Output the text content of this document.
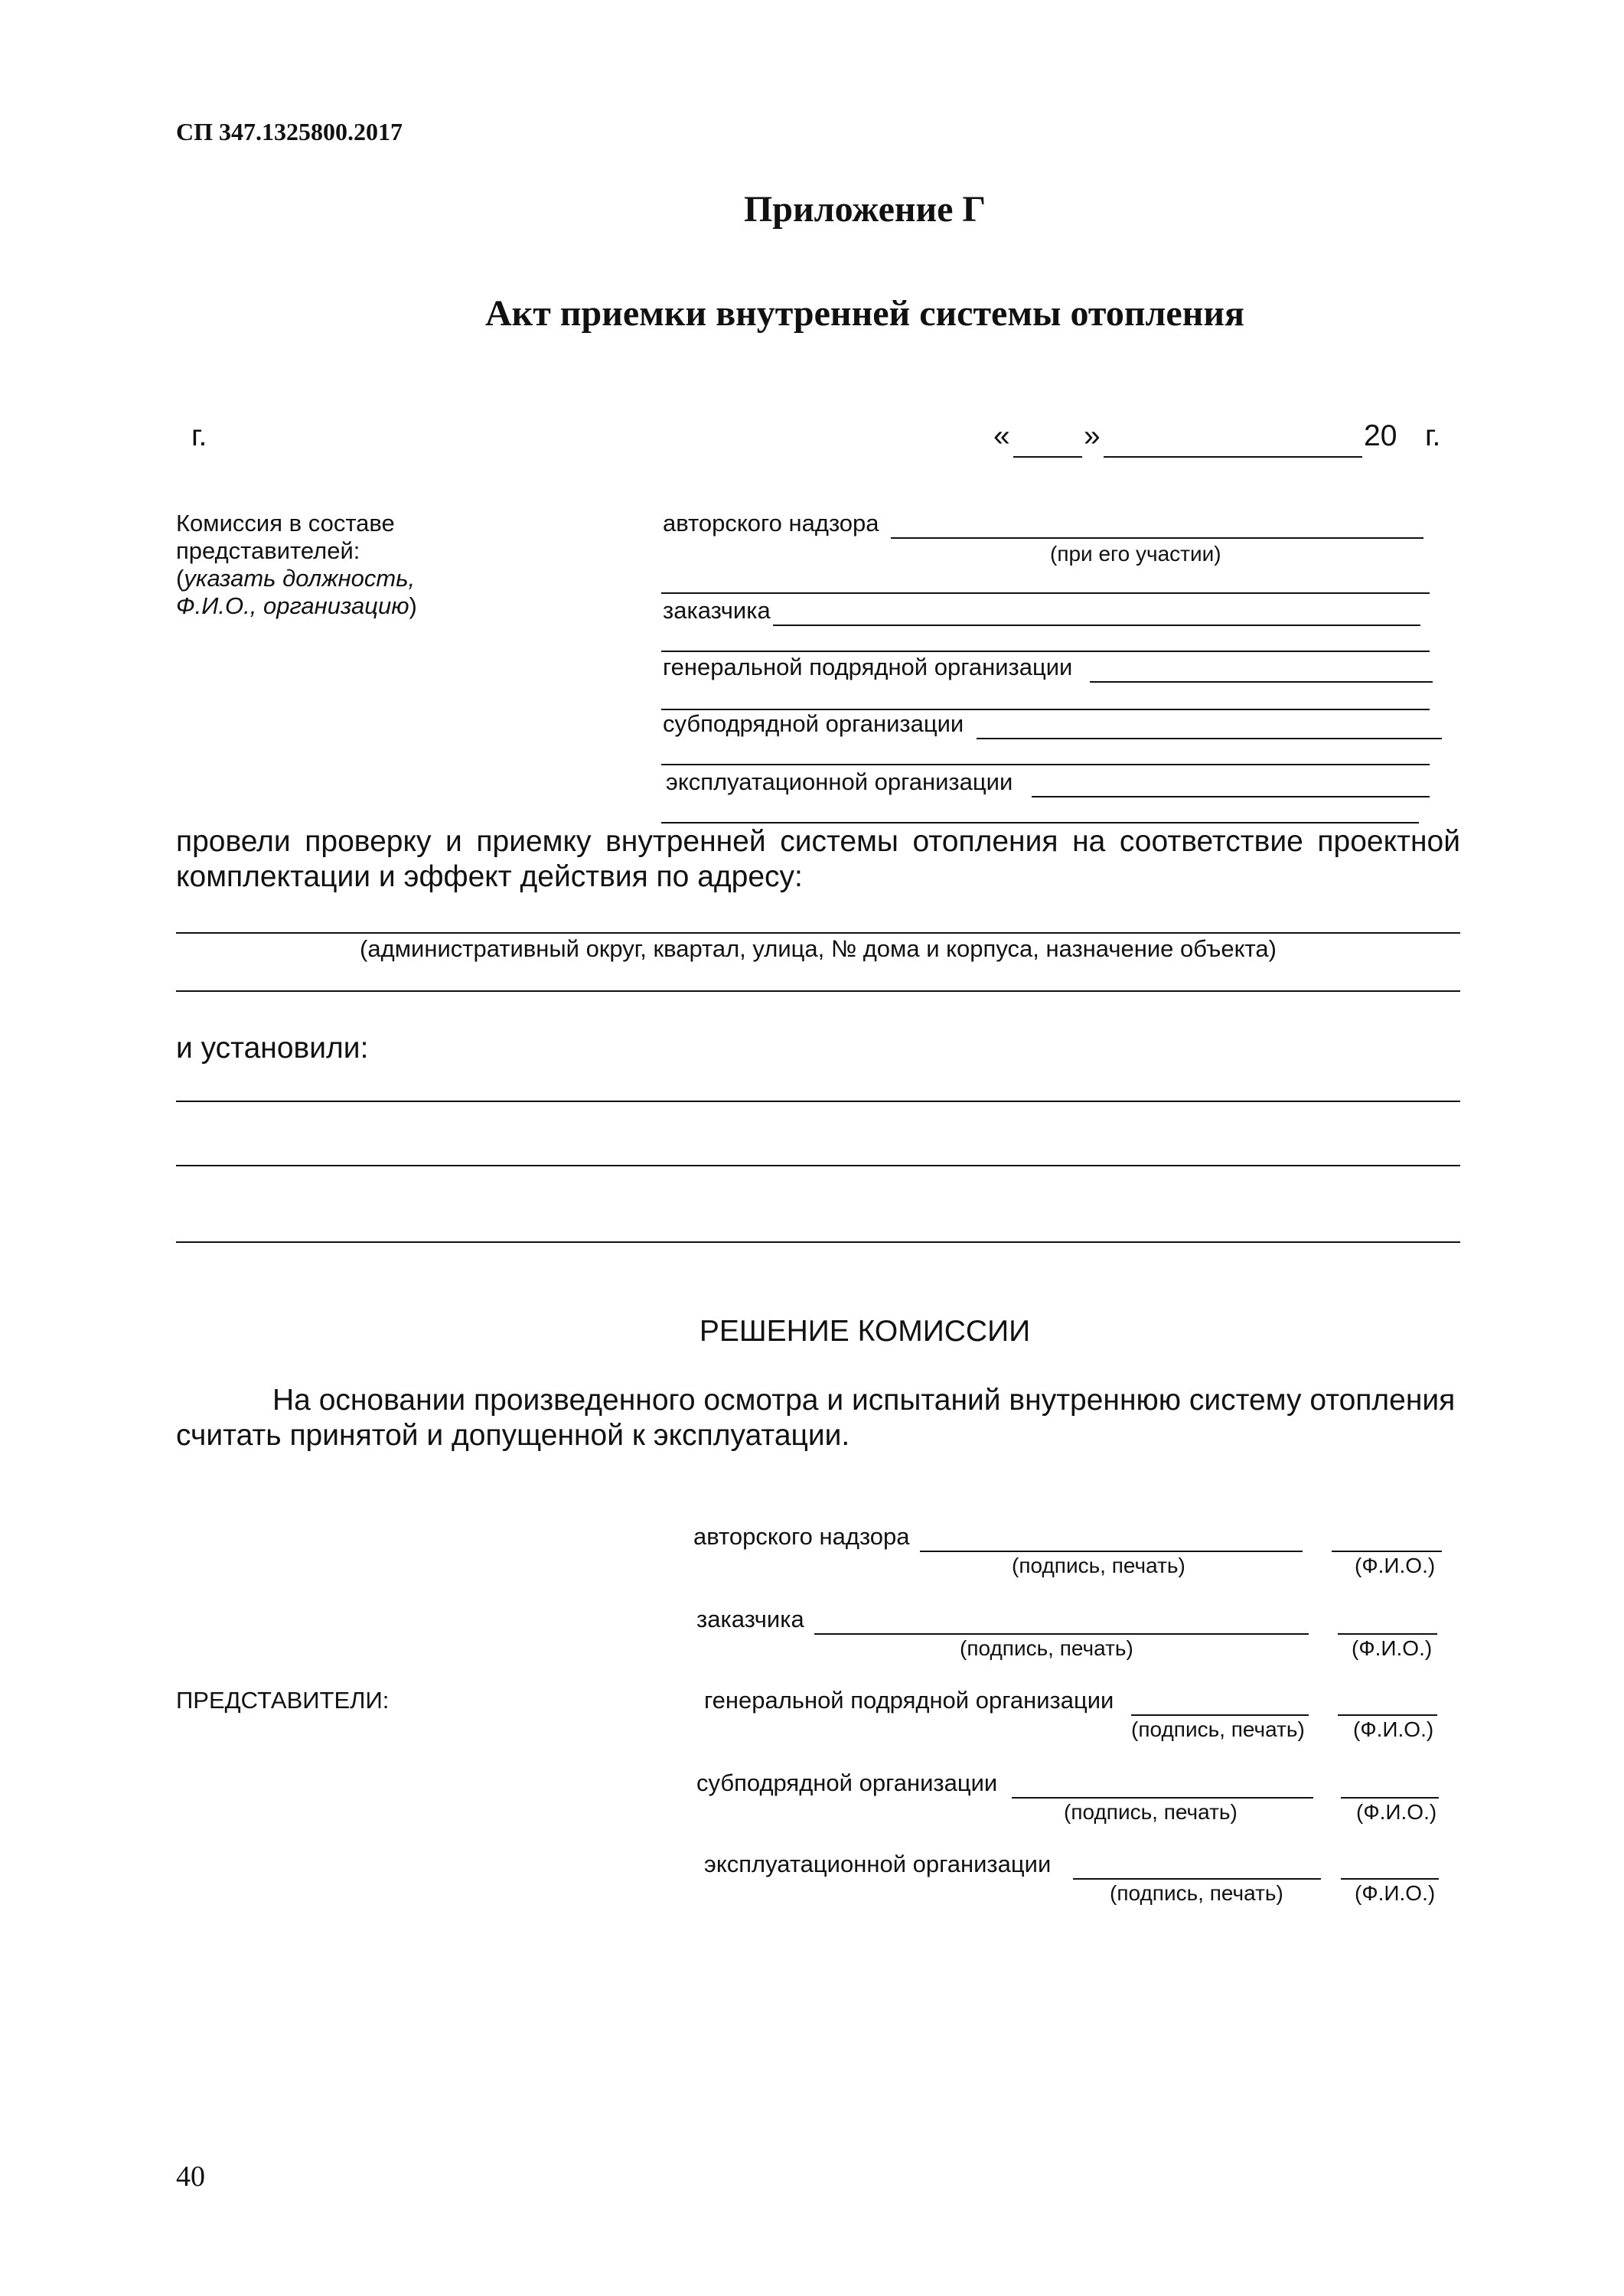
СП 347.1325800.2017
Приложение Г
Акт приемки внутренней системы отопления
г.	« »	20 г.
Комиссия в составе
представителей:
(указать должность,
Ф.И.О., организацию)
авторского надзора
(при его участии)
заказчика
генеральной подрядной организации
субподрядной организации
эксплуатационной организации
провели проверку и приемку внутренней системы отопления на соответствие проектной
комплектации и эффект действия по адресу:
(административный округ, квартал, улица, № дома и корпуса, назначение объекта)
и установили:
РЕШЕНИЕ КОМИССИИ
На основании произведенного осмотра и испытаний внутреннюю систему отопления
считать принятой и допущенной к эксплуатации.
ПРЕДСТАВИТЕЛИ:
авторского надзора
(подпись, печать)	(Ф.И.О.)
заказчика
(подпись, печать)	(Ф.И.О.)
генеральной подрядной организации
(подпись, печать) (Ф.И.О.)
субподрядной организации
(подпись, печать)	(Ф.И.О.)
эксплуатационной организации
(подпись, печать)	(Ф.И.О.)
40
